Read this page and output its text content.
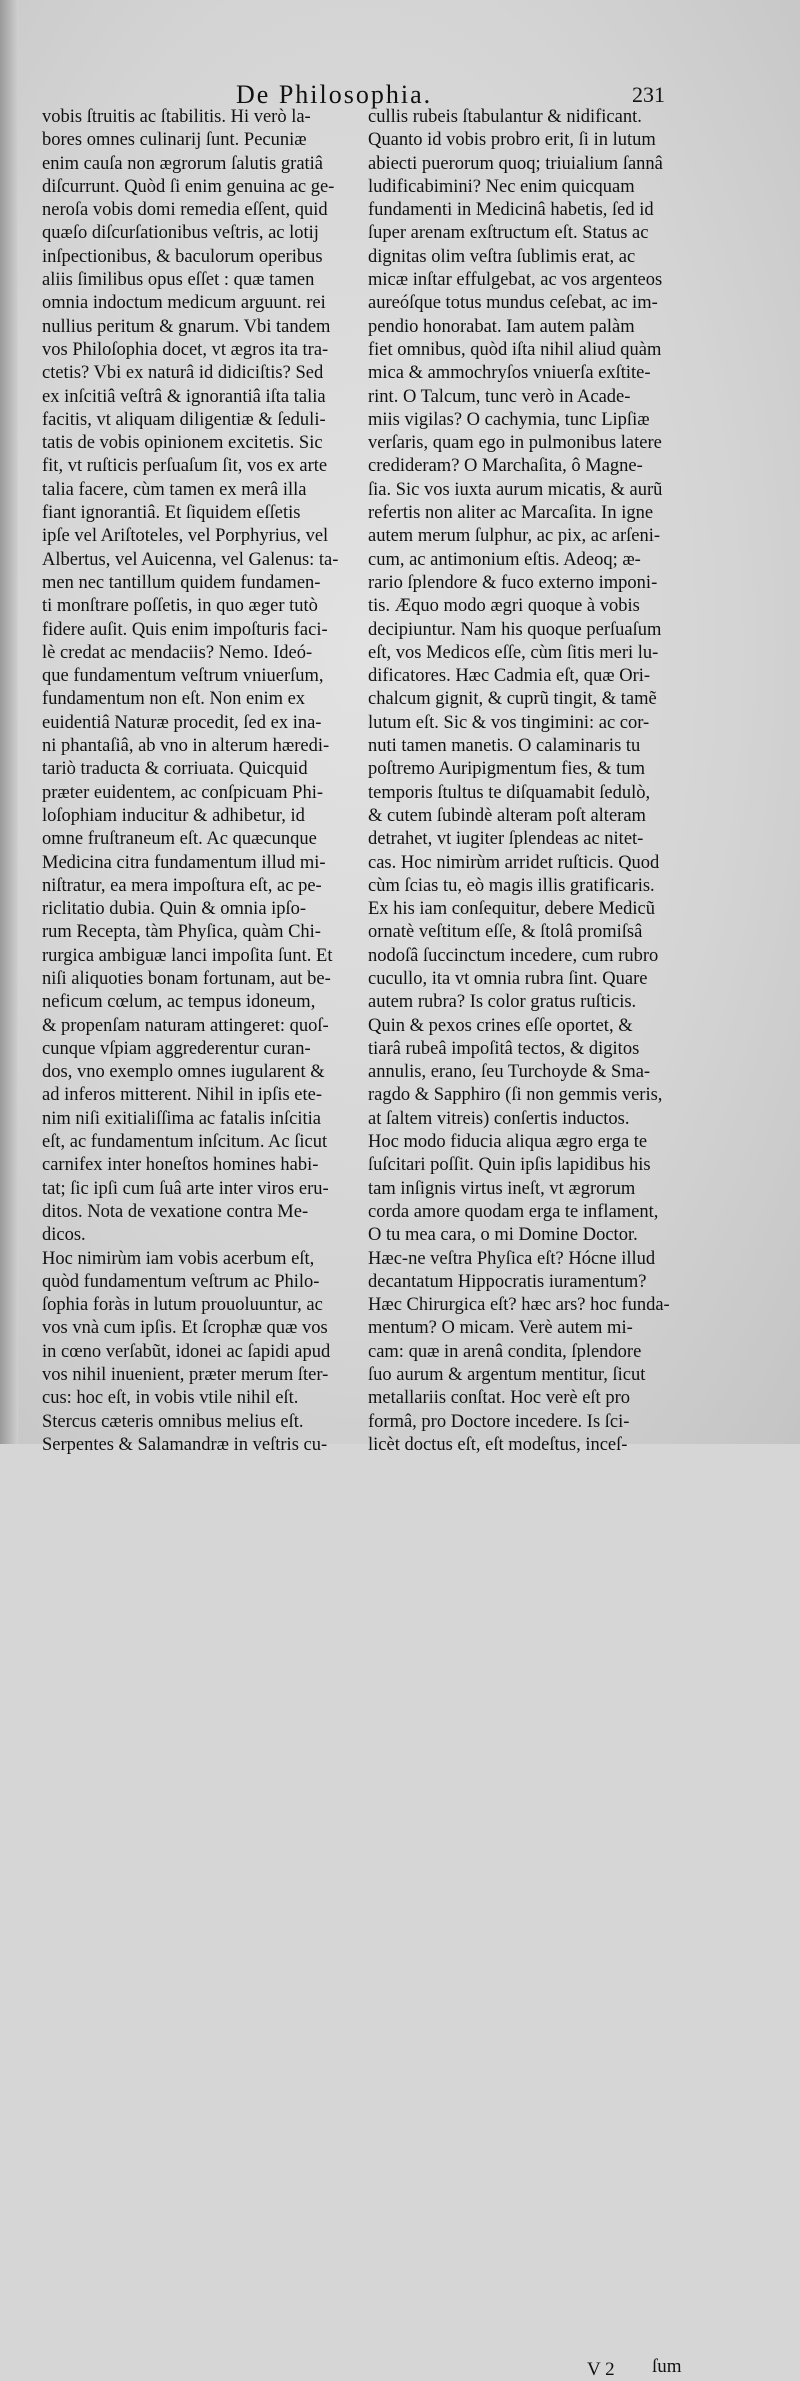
De Philosophia.	231
vobis ſtruitis ac ſtabilitis. Hi verò la-
bores omnes culinarij ſunt. Pecuniæ
enim cauſa non ægrorum ſalutis gratiâ
diſcurrunt. Quòd ſi enim genuina ac ge-
neroſa vobis domi remedia eſſent, quid
quæſo diſcurſationibus veſtris, ac lotij
inſpectionibus, & baculorum operibus
aliis ſimilibus opus eſſet : quæ tamen
omnia indoctum medicum arguunt. rei
nullius peritum & gnarum. Vbi tandem
vos Philoſophia docet, vt ægros ita tra-
ctetis? Vbi ex naturâ id didiciſtis? Sed
ex inſcitiâ veſtrâ & ignorantiâ iſta talia
facitis, vt aliquam diligentiæ & ſeduli-
tatis de vobis opinionem excitetis. Sic
fit, vt ruſticis perſuaſum ſit, vos ex arte
talia facere, cùm tamen ex merâ illa
fiant ignorantiâ. Et ſiquidem eſſetis
ipſe vel Ariſtoteles, vel Porphyrius, vel
Albertus, vel Auicenna, vel Galenus: ta-
men nec tantillum quidem fundamen-
ti monſtrare poſſetis, in quo æger tutò
fidere auſit. Quis enim impoſturis faci-
lè credat ac mendaciis? Nemo. Ideó-
que fundamentum veſtrum vniuerſum,
fundamentum non eſt. Non enim ex
euidentiâ Naturæ procedit, ſed ex ina-
ni phantaſiâ, ab vno in alterum hæredi-
tariò traducta & corriuata. Quicquid
præter euidentem, ac conſpicuam Phi-
loſophiam inducitur & adhibetur, id
omne fruſtraneum eſt. Ac quæcunque
Medicina citra fundamentum illud mi-
niſtratur, ea mera impoſtura eſt, ac pe-
riclitatio dubia. Quin & omnia ipſo-
rum Recepta, tàm Phyſica, quàm Chi-
rurgica ambiguæ lanci impoſita ſunt. Et
niſi aliquoties bonam fortunam, aut be-
neficum cœlum, ac tempus idoneum,
& propenſam naturam attingeret: quoſ-
cunque vſpiam aggrederentur curan-
dos, vno exemplo omnes iugularent &
ad inferos mitterent. Nihil in ipſis ete-
nim niſi exitialiſſima ac fatalis inſcitia
eſt, ac fundamentum inſcitum. Ac ſicut
carnifex inter honeſtos homines habi-
tat; ſic ipſi cum ſuâ arte inter viros eru-
ditos. Nota de vexatione contra Me-
dicos.
Hoc nimirùm iam vobis acerbum eſt,
quòd fundamentum veſtrum ac Philo-
ſophia foràs in lutum prouoluuntur, ac
vos vnà cum ipſis. Et ſcrophæ quæ vos
in cœno verſabũt, idonei ac ſapidi apud
vos nihil inuenient, præter merum ſter-
cus: hoc eſt, in vobis vtile nihil eſt.
Stercus cæteris omnibus melius eſt.
Serpentes & Salamandræ in veſtris cu-
cullis rubeis ſtabulantur & nidificant.
Quanto id vobis probro erit, ſi in lutum
abiecti puerorum quoq; triuialium ſannâ
ludificabimini? Nec enim quicquam
fundamenti in Medicinâ habetis, ſed id
ſuper arenam exſtructum eſt. Status ac
dignitas olim veſtra ſublimis erat, ac
micæ inſtar effulgebat, ac vos argenteos
aureóſque totus mundus ceſebat, ac im-
pendio honorabat. Iam autem palàm
fiet omnibus, quòd iſta nihil aliud quàm
mica & ammochryſos vniuerſa exſtite-
rint. O Talcum, tunc verò in Acade-
miis vigilas? O cachymia, tunc Lipſiæ
verſaris, quam ego in pulmonibus latere
credideram? O Marchaſita, ô Magne-
ſia. Sic vos iuxta aurum micatis, & aurũ
refertis non aliter ac Marcaſita. In igne
autem merum ſulphur, ac pix, ac arſeni-
cum, ac antimonium eſtis. Adeoq; æ-
rario ſplendore & fuco externo imponi-
tis. Æquo modo ægri quoque à vobis
decipiuntur. Nam his quoque perſuaſum
eſt, vos Medicos eſſe, cùm ſitis meri lu-
dificatores. Hæc Cadmia eſt, quæ Ori-
chalcum gignit, & cuprũ tingit, & tamẽ
lutum eſt. Sic & vos tingimini: ac cor-
nuti tamen manetis. O calaminaris tu
poſtremo Auripigmentum fies, & tum
temporis ſtultus te diſquamabit ſedulò,
& cutem ſubindè alteram poſt alteram
detrahet, vt iugiter ſplendeas ac nitet-
cas. Hoc nimirùm arridet ruſticis. Quod
cùm ſcias tu, eò magis illis gratificaris.
Ex his iam conſequitur, debere Medicũ
ornatè veſtitum eſſe, & ſtolâ promiſsâ
nodoſâ ſuccinctum incedere, cum rubro
cucullo, ita vt omnia rubra ſint. Quare
autem rubra? Is color gratus ruſticis.
Quin & pexos crines eſſe oportet, &
tiarâ rubeâ impoſitâ tectos, & digitos
annulis, erano, ſeu Turchoyde & Sma-
ragdo & Sapphiro (ſi non gemmis veris,
at ſaltem vitreis) conſertis inductos.
Hoc modo fiducia aliqua ægro erga te
ſuſcitari poſſit. Quin ipſis lapidibus his
tam inſignis virtus ineſt, vt ægrorum
corda amore quodam erga te inflament,
O tu mea cara, o mi Domine Doctor.
Hæc-ne veſtra Phyſica eſt? Hócne illud
decantatum Hippocratis iuramentum?
Hæc Chirurgica eſt? hæc ars? hoc funda-
mentum? O micam. Verè autem mi-
cam: quæ in arenâ condita, ſplendore
ſuo aurum & argentum mentitur, ſicut
metallariis conſtat. Hoc verè eſt pro
formâ, pro Doctore incedere. Is ſci-
licèt doctus eſt, eſt modeſtus, inceſ-
V 2 ſum
